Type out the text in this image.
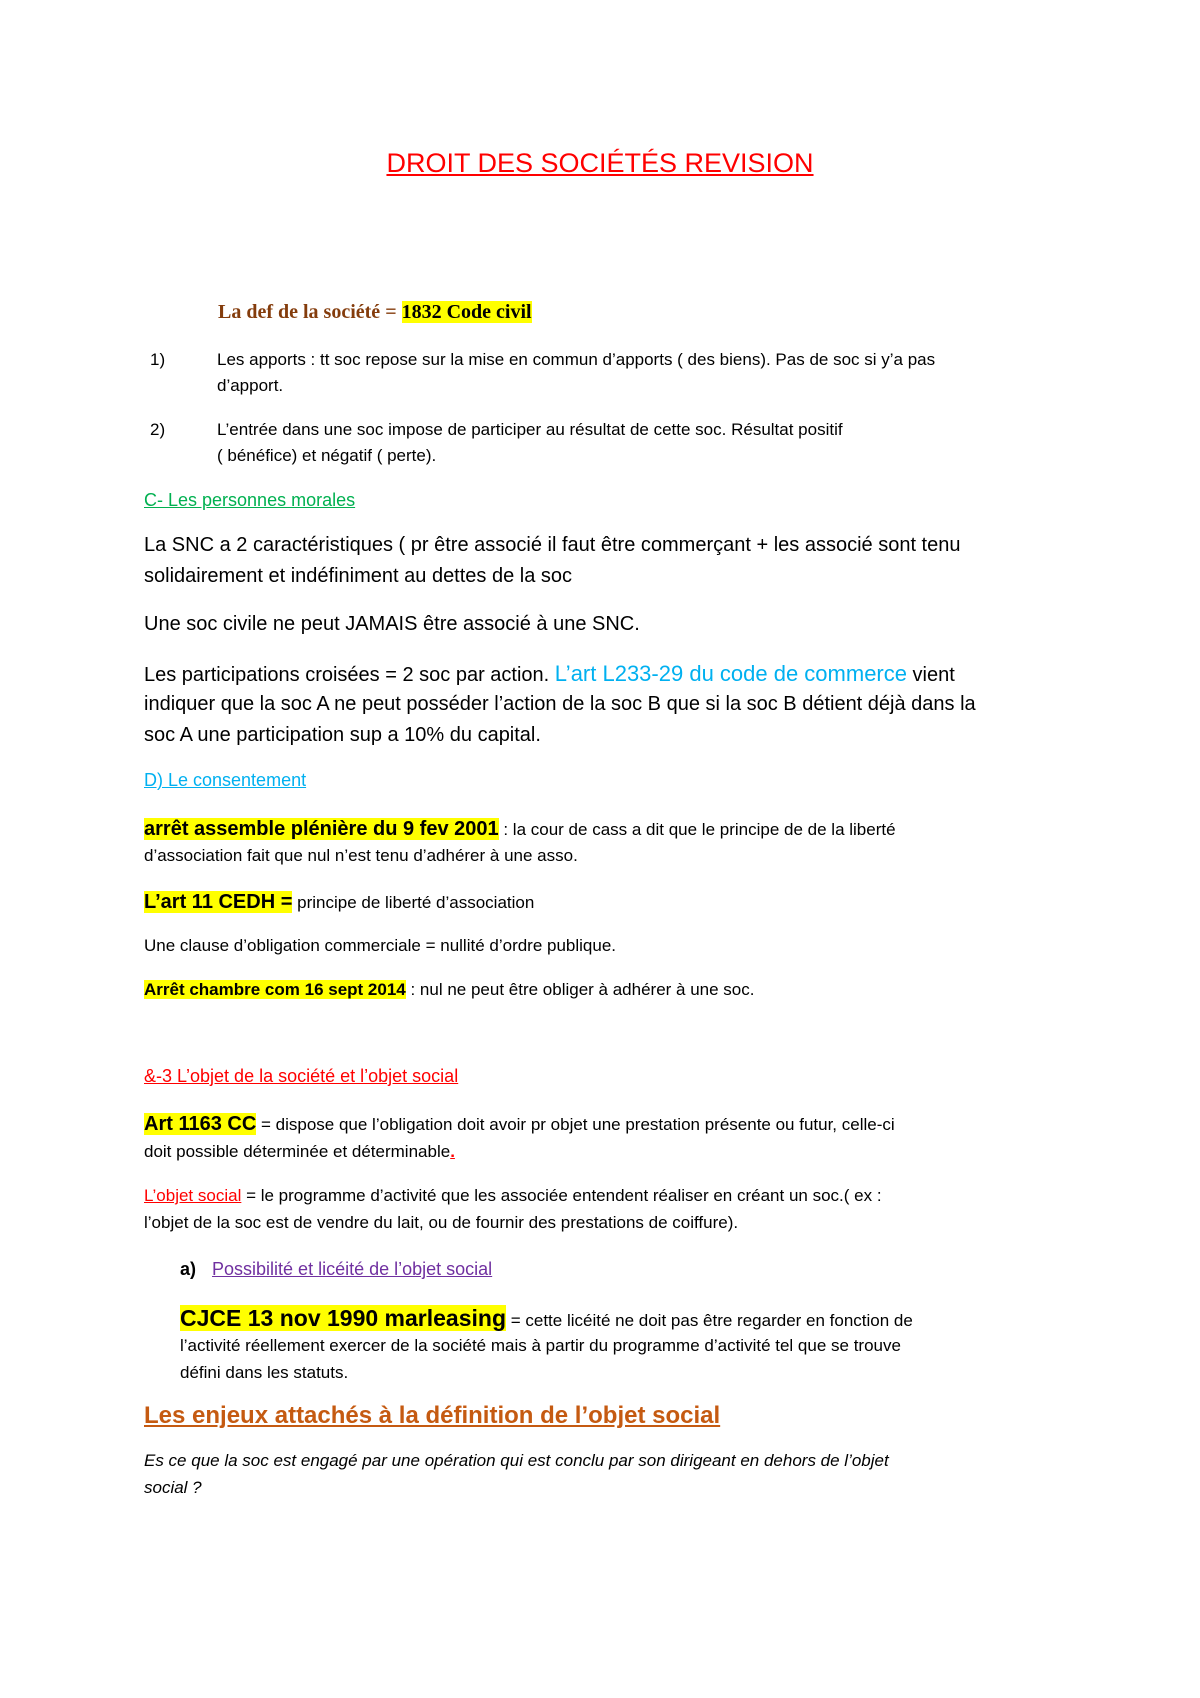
DROIT DES SOCIÉTÉS REVISION
La def de la société = 1832 Code civil
1)	Les apports : tt soc repose sur la mise en commun d’apports ( des biens). Pas de soc si y’a pas
d’apport.
2)	L’entrée dans une soc impose de participer au résultat de cette soc. Résultat positif
( bénéfice) et négatif ( perte).
C- Les personnes morales
La SNC a 2 caractéristiques ( pr être associé il faut être commerçant + les associé sont tenu
solidairement et indéfiniment au dettes de la soc
Une soc civile ne peut JAMAIS être associé à une SNC.
Les participations croisées = 2 soc par action. L’art L233-29 du code de commerce vient
indiquer que la soc A ne peut posséder l’action de la soc B que si la soc B détient déjà dans la
soc A une participation sup a 10% du capital.
D) Le consentement
arrêt assemble plénière du 9 fev 2001 : la cour de cass a dit que le principe de de la liberté
d’association fait que nul n’est tenu d’adhérer à une asso.
L’art 11 CEDH = principe de liberté d’association
Une clause d’obligation commerciale = nullité d’ordre publique.
Arrêt chambre com 16 sept 2014 : nul ne peut être obliger à adhérer à une soc.
&-3 L’objet de la société et l’objet social
Art 1163 CC = dispose que l’obligation doit avoir pr objet une prestation présente ou futur, celle-ci
doit possible déterminée et déterminable.
L’objet social = le programme d’activité que les associée entendent réaliser en créant un soc.( ex :
l’objet de la soc est de vendre du lait, ou de fournir des prestations de coiffure).
a) Possibilité et licéité de l’objet social
CJCE 13 nov 1990 marleasing = cette licéité ne doit pas être regarder en fonction de
l’activité réellement exercer de la société mais à partir du programme d’activité tel que se trouve
défini dans les statuts.
Les enjeux attachés à la définition de l’objet social
Es ce que la soc est engagé par une opération qui est conclu par son dirigeant en dehors de l’objet
social ?
